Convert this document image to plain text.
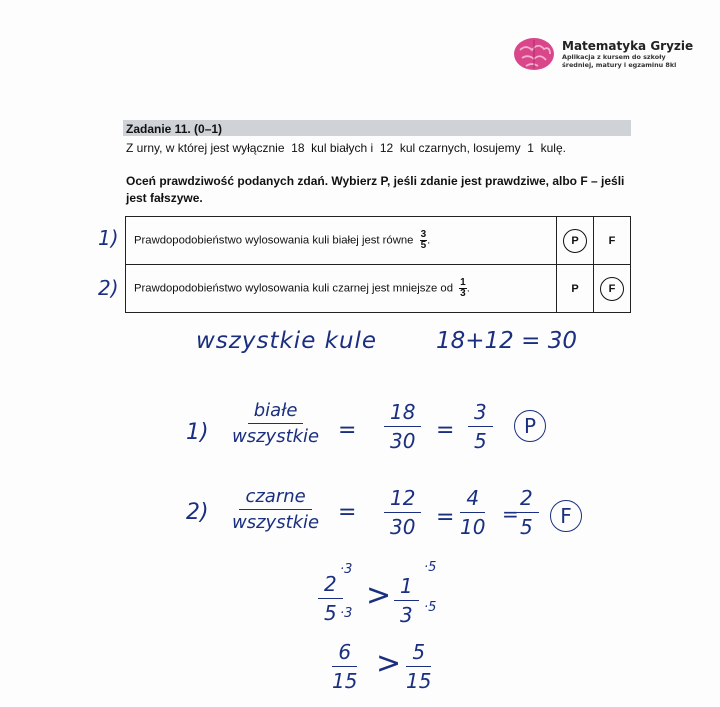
Matematyka Gryzie
Aplikacja z kursem do szkoły średniej, matury i egzaminu 8kl
Zadanie 11. (0–1)
Z urny, w której jest wyłącznie  18  kul białych i  12  kul czarnych, losujemy  1  kulę.
Oceń prawdziwość podanych zdań. Wybierz P, jeśli zdanie jest prawdziwe, albo F – jeśli jest fałszywe.
1)
2)
Prawdopodobieństwo wylosowania kuli białej jest równe $\frac{3}{5}$ .	P	F
Prawdopodobieństwo wylosowania kuli czarnej jest mniejsze od $\frac{1}{3}$ .	P	F
wszystkie kule	18+12 = 30
1)
białe
wszystkie = $\frac{18}{30} = \frac{3}{5}$	P
2)
czarne
wszystkie = $\frac{12}{30} = \frac{4}{10}$ =
$\frac{2}{5}$	F
$\frac{2}{5}$
·3
·3
> $\frac{1}{3}$
·5
·5
$\frac{6}{15} > \frac{5}{15}$
